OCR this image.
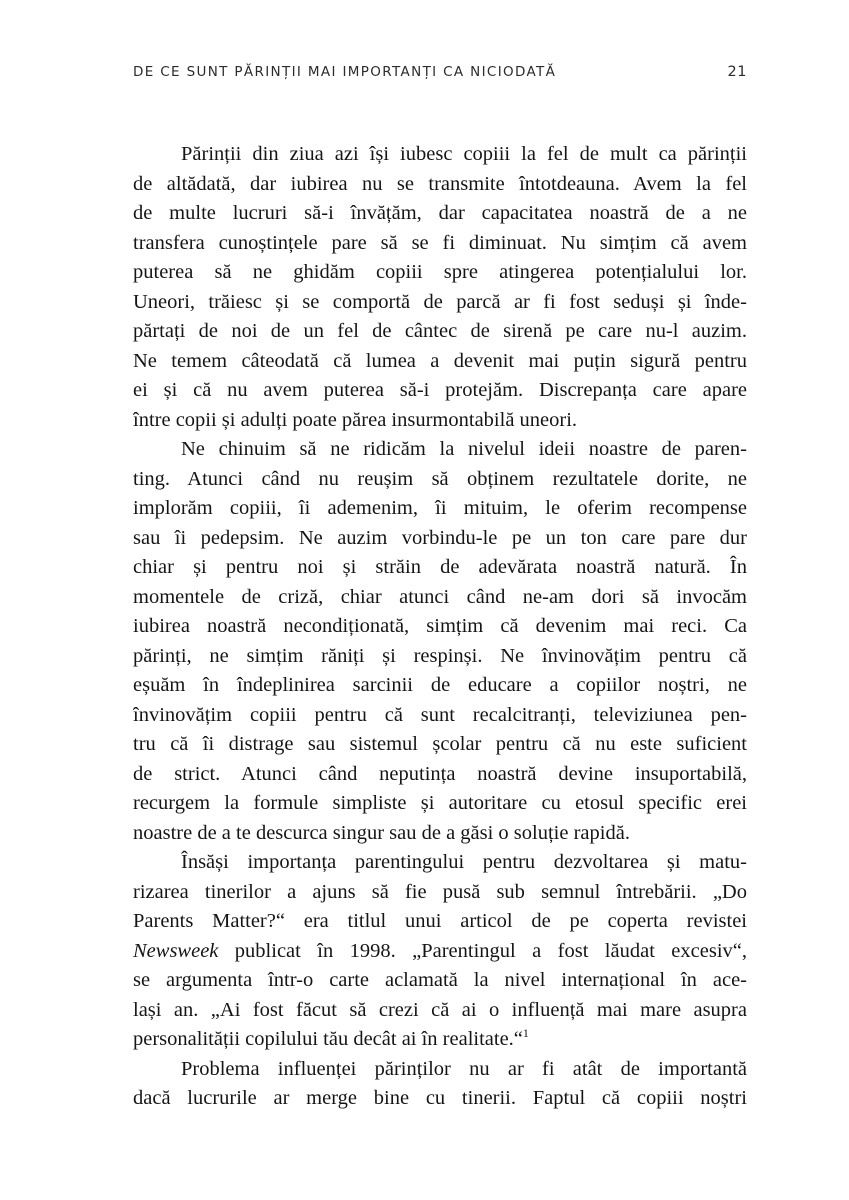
DE CE SUNT PĂRINȚII MAI IMPORTANȚI CA NICIODATĂ	21
Părinții din ziua azi își iubesc copiii la fel de mult ca părinții
de altădată, dar iubirea nu se transmite întotdeauna. Avem la fel
de multe lucruri să-i învățăm, dar capacitatea noastră de a ne
transfera cunoștințele pare să se fi diminuat. Nu simțim că avem
puterea să ne ghidăm copiii spre atingerea potențialului lor.
Uneori, trăiesc și se comportă de parcă ar fi fost seduși și înde-
părtați de noi de un fel de cântec de sirenă pe care nu-l auzim.
Ne temem câteodată că lumea a devenit mai puțin sigură pentru
ei și că nu avem puterea să-i protejăm. Discrepanța care apare
între copii și adulți poate părea insurmontabilă uneori.
Ne chinuim să ne ridicăm la nivelul ideii noastre de paren-
ting. Atunci când nu reușim să obținem rezultatele dorite, ne
implorăm copiii, îi ademenim, îi mituim, le oferim recompense
sau îi pedepsim. Ne auzim vorbindu-le pe un ton care pare dur
chiar și pentru noi și străin de adevărata noastră natură. În
momentele de criză, chiar atunci când ne-am dori să invocăm
iubirea noastră necondiționată, simțim că devenim mai reci. Ca
părinți, ne simțim răniți și respinși. Ne învinovățim pentru că
eșuăm în îndeplinirea sarcinii de educare a copiilor noștri, ne
învinovățim copiii pentru că sunt recalcitranți, televiziunea pen-
tru că îi distrage sau sistemul școlar pentru că nu este suficient
de strict. Atunci când neputința noastră devine insuportabilă,
recurgem la formule simpliste și autoritare cu etosul specific erei
noastre de a te descurca singur sau de a găsi o soluție rapidă.
Însăși importanța parentingului pentru dezvoltarea și matu-
rizarea tinerilor a ajuns să fie pusă sub semnul întrebării. „Do
Parents Matter?“ era titlul unui articol de pe coperta revistei
Newsweek publicat în 1998. „Parentingul a fost lăudat excesiv“,
se argumenta într-o carte aclamată la nivel internațional în ace-
lași an. „Ai fost făcut să crezi că ai o influență mai mare asupra
personalității copilului tău decât ai în realitate.“$^1$
Problema influenței părinților nu ar fi atât de importantă
dacă lucrurile ar merge bine cu tinerii. Faptul că copiii noștri
